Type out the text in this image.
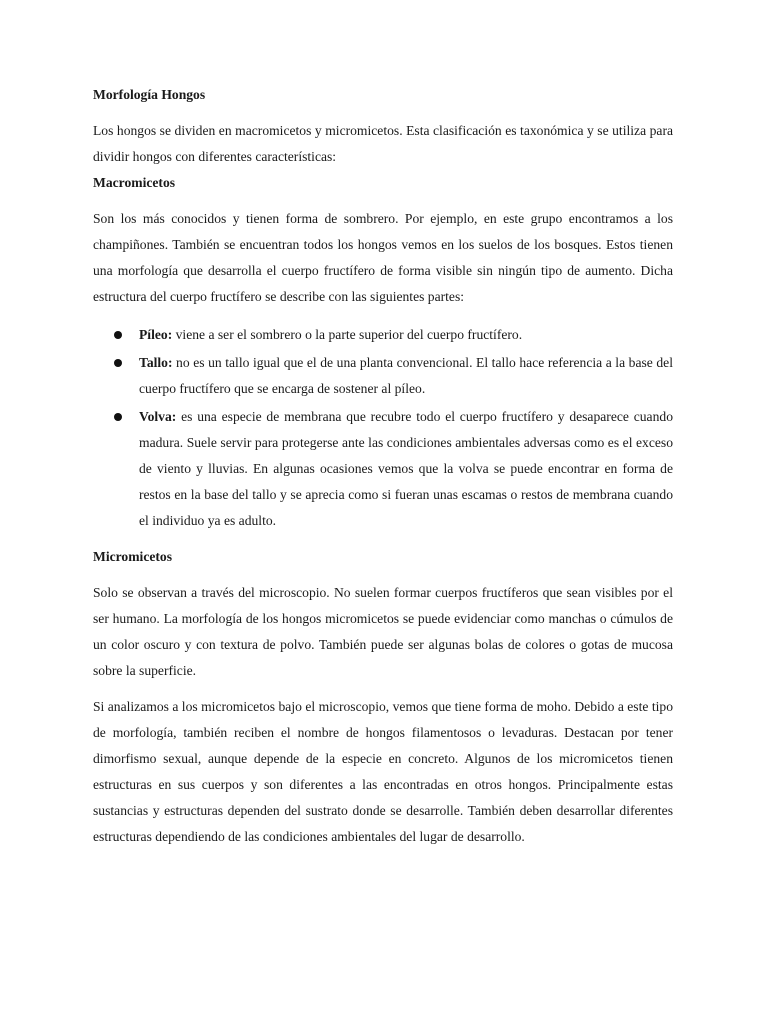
Morfología Hongos

Los hongos se dividen en macromicetos y micromicetos. Esta clasificación es taxonómica y se utiliza para dividir hongos con diferentes características:

Macromicetos

Son los más conocidos y tienen forma de sombrero. Por ejemplo, en este grupo encontramos a los champiñones. También se encuentran todos los hongos vemos en los suelos de los bosques. Estos tienen una morfología que desarrolla el cuerpo fructífero de forma visible sin ningún tipo de aumento. Dicha estructura del cuerpo fructífero se describe con las siguientes partes:

Píleo: viene a ser el sombrero o la parte superior del cuerpo fructífero.
Tallo: no es un tallo igual que el de una planta convencional. El tallo hace referencia a la base del cuerpo fructífero que se encarga de sostener al píleo.
Volva: es una especie de membrana que recubre todo el cuerpo fructífero y desaparece cuando madura. Suele servir para protegerse ante las condiciones ambientales adversas como es el exceso de viento y lluvias. En algunas ocasiones vemos que la volva se puede encontrar en forma de restos en la base del tallo y se aprecia como si fueran unas escamas o restos de membrana cuando el individuo ya es adulto.
Micromicetos

Solo se observan a través del microscopio. No suelen formar cuerpos fructíferos que sean visibles por el ser humano. La morfología de los hongos micromicetos se puede evidenciar como manchas o cúmulos de un color oscuro y con textura de polvo. También puede ser algunas bolas de colores o gotas de mucosa sobre la superficie.

Si analizamos a los micromicetos bajo el microscopio, vemos que tiene forma de moho. Debido a este tipo de morfología, también reciben el nombre de hongos filamentosos o levaduras. Destacan por tener dimorfismo sexual, aunque depende de la especie en concreto. Algunos de los micromicetos tienen estructuras en sus cuerpos y son diferentes a las encontradas en otros hongos. Principalmente estas sustancias y estructuras dependen del sustrato donde se desarrolle. También deben desarrollar diferentes estructuras dependiendo de las condiciones ambientales del lugar de desarrollo.
